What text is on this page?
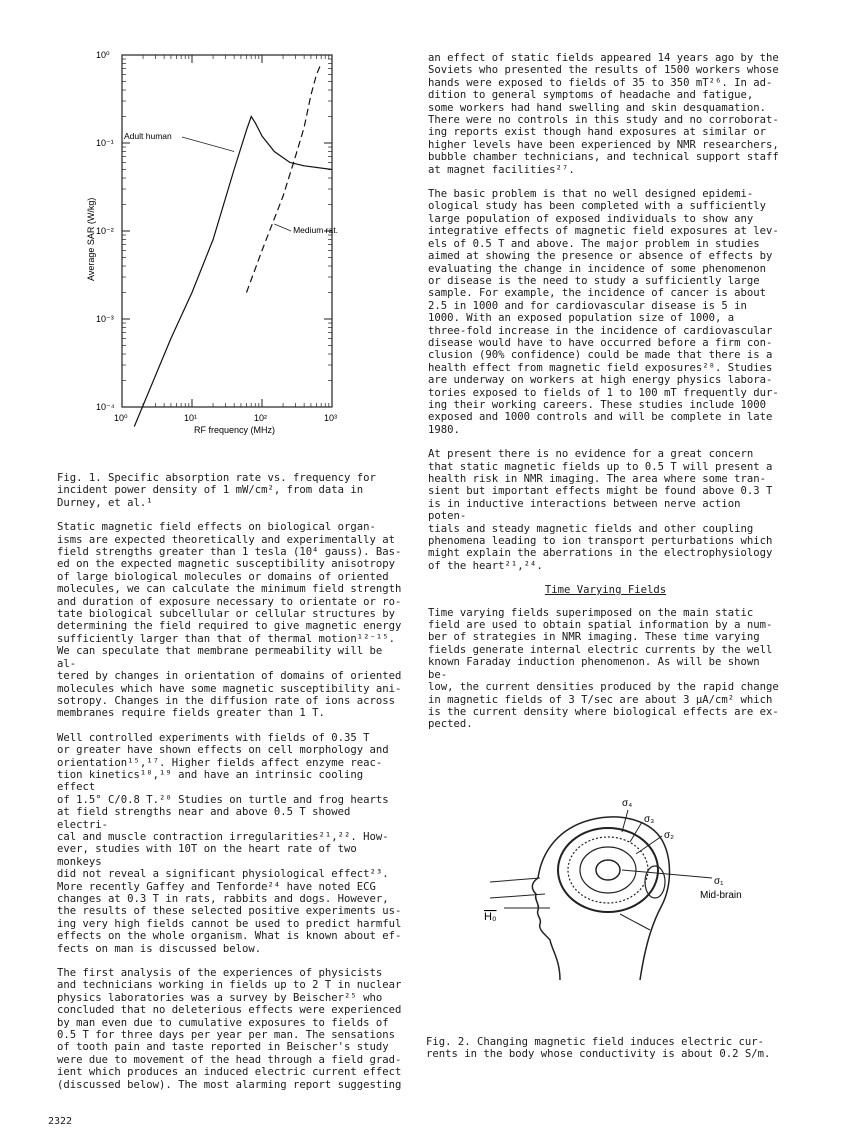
10⁰
10⁻¹
10⁻²
10⁻³
10⁻⁴
10⁰	10¹	10²	10³
Average SAR (W/kg)
RF frequency (MHz)
Adult human
Medium rat.

Fig. 1. Specific absorption rate vs. frequency for
incident power density of 1 mW/cm², from data in
Durney, et al.¹

Static magnetic field effects on biological organ-
isms are expected theoretically and experimentally at
field strengths greater than 1 tesla (10⁴ gauss). Bas-
ed on the expected magnetic susceptibility anisotropy
of large biological molecules or domains of oriented
molecules, we can calculate the minimum field strength
and duration of exposure necessary to orientate or ro-
tate biological subcellular or cellular structures by
determining the field required to give magnetic energy
sufficiently larger than that of thermal motion¹²⁻¹⁵.
We can speculate that membrane permeability will be al-
tered by changes in orientation of domains of oriented
molecules which have some magnetic susceptibility ani-
sotropy. Changes in the diffusion rate of ions across
membranes require fields greater than 1 T.

Well controlled experiments with fields of 0.35 T
or greater have shown effects on cell morphology and
orientation¹⁵,¹⁷. Higher fields affect enzyme reac-
tion kinetics¹⁸,¹⁹ and have an intrinsic cooling effect
of 1.5° C/0.8 T.²⁰ Studies on turtle and frog hearts
at field strengths near and above 0.5 T showed electri-
cal and muscle contraction irregularities²¹,²². How-
ever, studies with 10T on the heart rate of two monkeys
did not reveal a significant physiological effect²³.
More recently Gaffey and Tenforde²⁴ have noted ECG
changes at 0.3 T in rats, rabbits and dogs. However,
the results of these selected positive experiments us-
ing very high fields cannot be used to predict harmful
effects on the whole organism. What is known about ef-
fects on man is discussed below.

The first analysis of the experiences of physicists
and technicians working in fields up to 2 T in nuclear
physics laboratories was a survey by Beischer²⁵ who
concluded that no deleterious effects were experienced
by man even due to cumulative exposures to fields of
0.5 T for three days per year per man. The sensations
of tooth pain and taste reported in Beischer's study
were due to movement of the head through a field grad-
ient which produces an induced electric current effect
(discussed below). The most alarming report suggesting

an effect of static fields appeared 14 years ago by the
Soviets who presented the results of 1500 workers whose
hands were exposed to fields of 35 to 350 mT²⁶. In ad-
dition to general symptoms of headache and fatigue,
some workers had hand swelling and skin desquamation.
There were no controls in this study and no corroborat-
ing reports exist though hand exposures at similar or
higher levels have been experienced by NMR researchers,
bubble chamber technicians, and technical support staff
at magnet facilities²⁷.

The basic problem is that no well designed epidemi-
ological study has been completed with a sufficiently
large population of exposed individuals to show any
integrative effects of magnetic field exposures at lev-
els of 0.5 T and above. The major problem in studies
aimed at showing the presence or absence of effects by
evaluating the change in incidence of some phenomenon
or disease is the need to study a sufficiently large
sample. For example, the incidence of cancer is about
2.5 in 1000 and for cardiovascular disease is 5 in
1000. With an exposed population size of 1000, a
three-fold increase in the incidence of cardiovascular
disease would have to have occurred before a firm con-
clusion (90% confidence) could be made that there is a
health effect from magnetic field exposures²⁸. Studies
are underway on workers at high energy physics labora-
tories exposed to fields of 1 to 100 mT frequently dur-
ing their working careers. These studies include 1000
exposed and 1000 controls and will be complete in late
1980.

At present there is no evidence for a great concern
that static magnetic fields up to 0.5 T will present a
health risk in NMR imaging. The area where some tran-
sient but important effects might be found above 0.3 T
is in inductive interactions between nerve action poten-
tials and steady magnetic fields and other coupling
phenomena leading to ion transport perturbations which
might explain the aberrations in the electrophysiology
of the heart²¹,²⁴.

Time Varying Fields

Time varying fields superimposed on the main static
field are used to obtain spatial information by a num-
ber of strategies in NMR imaging. These time varying
fields generate internal electric currents by the well
known Faraday induction phenomenon. As will be shown be-
low, the current densities produced by the rapid change
in magnetic fields of 3 T/sec are about 3 μA/cm² which
is the current density where biological effects are ex-
pected.

σ₄
σ₃
σ₂
σ₁
Mid-brain
H₀
Fig. 2. Changing magnetic field induces electric cur-
rents in the body whose conductivity is about 0.2 S/m.
2322
